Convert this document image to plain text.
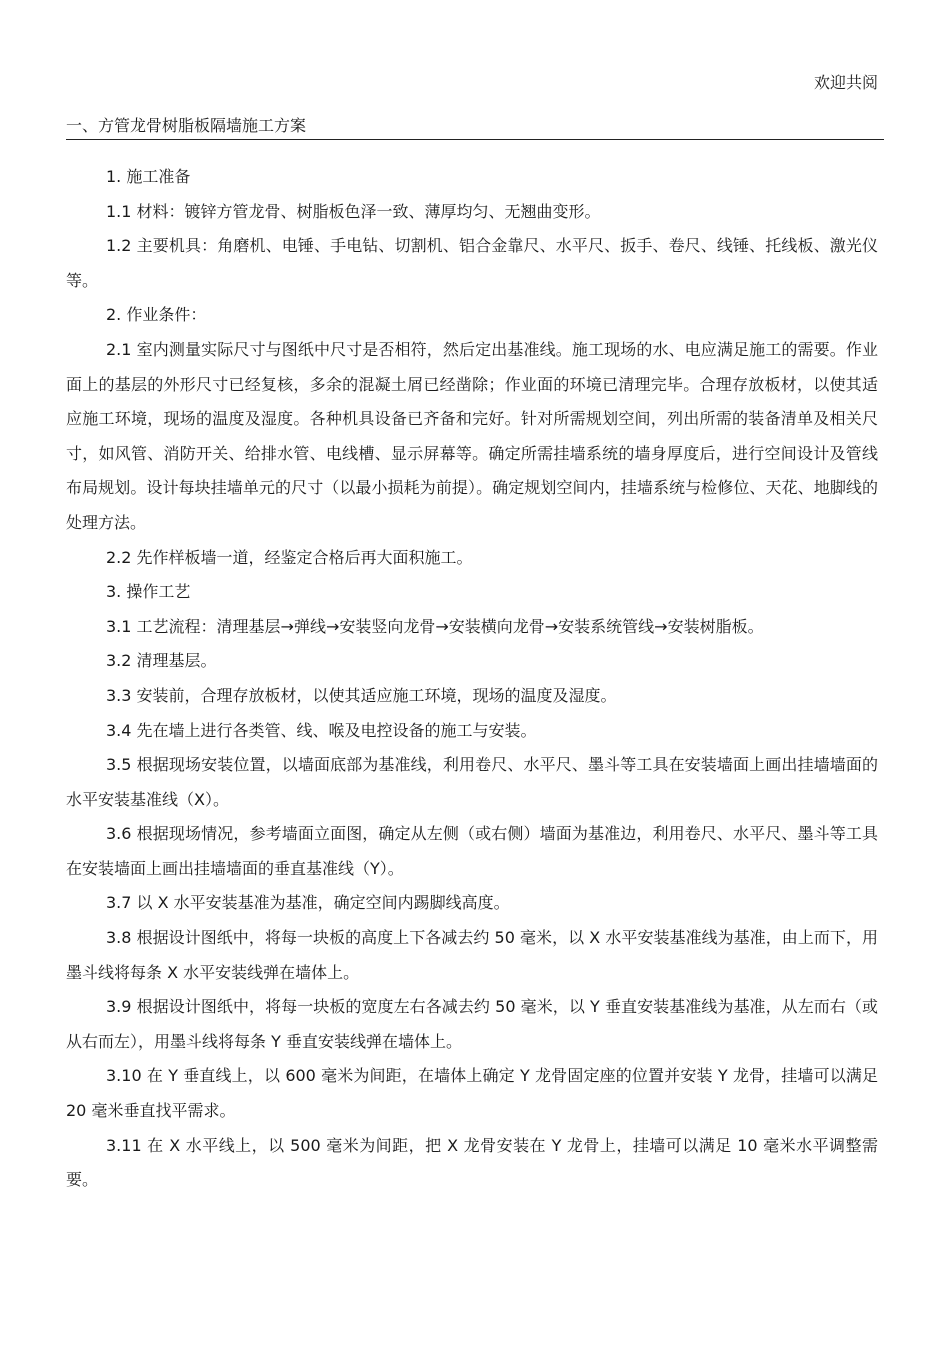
欢迎共阅
一、方管龙骨树脂板隔墙施工方案

1. 施工准备

1.1 材料：镀锌方管龙骨、树脂板色泽一致、薄厚均匀、无翘曲变形。

1.2 主要机具：角磨机、电锤、手电钻、切割机、铝合金靠尺、水平尺、扳手、卷尺、线锤、托线板、激光仪等。

2. 作业条件：

2.1 室内测量实际尺寸与图纸中尺寸是否相符，然后定出基准线。施工现场的水、电应满足施工的需要。作业面上的基层的外形尺寸已经复核，多余的混凝土屑已经凿除；作业面的环境已清理完毕。合理存放板材，以使其适应施工环境，现场的温度及湿度。各种机具设备已齐备和完好。针对所需规划空间，列出所需的装备清单及相关尺寸，如风管、消防开关、给排水管、电线槽、显示屏幕等。确定所需挂墙系统的墙身厚度后，进行空间设计及管线布局规划。设计每块挂墙单元的尺寸（以最小损耗为前提）。确定规划空间内，挂墙系统与检修位、天花、地脚线的处理方法。

2.2 先作样板墙一道，经鉴定合格后再大面积施工。

3. 操作工艺

3.1 工艺流程：清理基层→弹线→安装竖向龙骨→安装横向龙骨→安装系统管线→安装树脂板。

3.2 清理基层。

3.3 安装前，合理存放板材，以使其适应施工环境，现场的温度及湿度。

3.4 先在墙上进行各类管、线、喉及电控设备的施工与安装。

3.5 根据现场安装位置，以墙面底部为基准线，利用卷尺、水平尺、墨斗等工具在安装墙面上画出挂墙墙面的水平安装基准线（X）。

3.6 根据现场情况，参考墙面立面图，确定从左侧（或右侧）墙面为基准边，利用卷尺、水平尺、墨斗等工具在安装墙面上画出挂墙墙面的垂直基准线（Y）。

3.7 以 X 水平安装基准为基准，确定空间内踢脚线高度。

3.8 根据设计图纸中，将每一块板的高度上下各减去约 50 毫米，以 X 水平安装基准线为基准，由上而下，用墨斗线将每条 X 水平安装线弹在墙体上。

3.9 根据设计图纸中，将每一块板的宽度左右各减去约 50 毫米，以 Y 垂直安装基准线为基准，从左而右（或从右而左），用墨斗线将每条 Y 垂直安装线弹在墙体上。

3.10 在 Y 垂直线上，以 600 毫米为间距，在墙体上确定 Y 龙骨固定座的位置并安装 Y 龙骨，挂墙可以满足 20 毫米垂直找平需求。

3.11 在 X 水平线上，以 500 毫米为间距，把 X 龙骨安装在 Y 龙骨上，挂墙可以满足 10 毫米水平调整需要。
